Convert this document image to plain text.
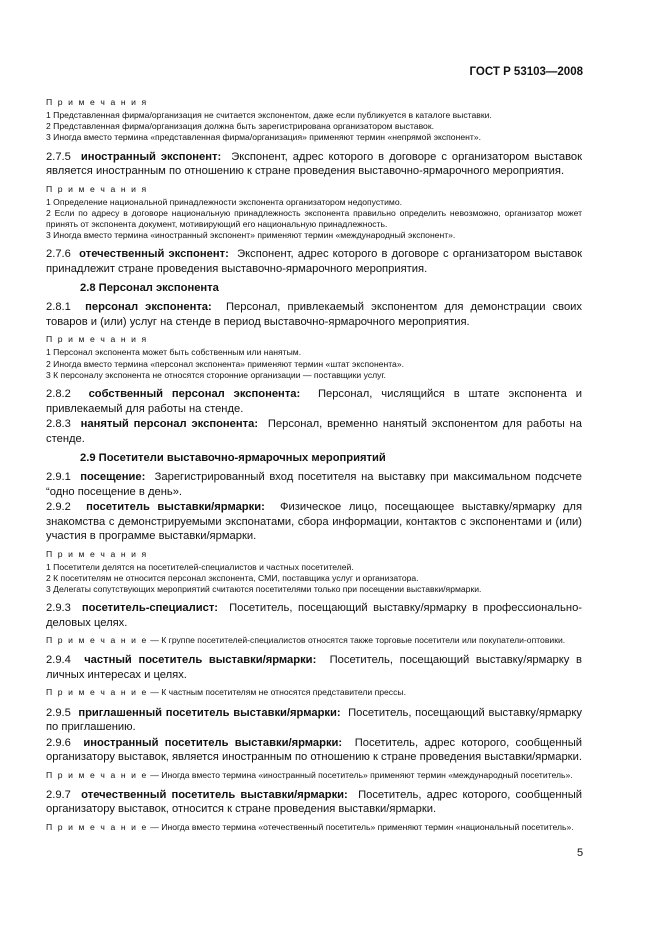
ГОСТ Р 53103—2008
П р и м е ч а н и я
1 Представленная фирма/организация не считается экспонентом, даже если публикуется в каталоге выставки.
2 Представленная фирма/организация должна быть зарегистрирована организатором выставок.
3 Иногда вместо термина «представленная фирма/организация» применяют термин «непрямой экспонент».
2.7.5 иностранный экспонент: Экспонент, адрес которого в договоре с организатором выставок является иностранным по отношению к стране проведения выставочно-ярмарочного мероприятия.
П р и м е ч а н и я
1 Определение национальной принадлежности экспонента организатором недопустимо.
2 Если по адресу в договоре национальную принадлежность экспонента правильно определить невозможно, организатор может принять от экспонента документ, мотивирующий его национальную принадлежность.
3 Иногда вместо термина «иностранный экспонент» применяют термин «международный экспонент».
2.7.6 отечественный экспонент: Экспонент, адрес которого в договоре с организатором выставок принадлежит стране проведения выставочно-ярмарочного мероприятия.
2.8 Персонал экспонента
2.8.1 персонал экспонента: Персонал, привлекаемый экспонентом для демонстрации своих товаров и (или) услуг на стенде в период выставочно-ярмарочного мероприятия.
П р и м е ч а н и я
1 Персонал экспонента может быть собственным или нанятым.
2 Иногда вместо термина «персонал экспонента» применяют термин «штат экспонента».
3 К персоналу экспонента не относятся сторонние организации — поставщики услуг.
2.8.2 собственный персонал экспонента: Персонал, числящийся в штате экспонента и привлекаемый для работы на стенде.
2.8.3 нанятый персонал экспонента: Персонал, временно нанятый экспонентом для работы на стенде.
2.9 Посетители выставочно-ярмарочных мероприятий
2.9.1 посещение: Зарегистрированный вход посетителя на выставку при максимальном подсчете “одно посещение в день».
2.9.2 посетитель выставки/ярмарки: Физическое лицо, посещающее выставку/ярмарку для знакомства с демонстрируемыми экспонатами, сбора информации, контактов с экспонентами и (или) участия в программе выставки/ярмарки.
П р и м е ч а н и я
1 Посетители делятся на посетителей-специалистов и частных посетителей.
2 К посетителям не относится персонал экспонента, СМИ, поставщика услуг и организатора.
3 Делегаты сопутствующих мероприятий считаются посетителями только при посещении выставки/ярмарки.
2.9.3 посетитель-специалист: Посетитель, посещающий выставку/ярмарку в профессионально-деловых целях.
П р и м е ч а н и е — К группе посетителей-специалистов относятся также торговые посетители или покупатели-оптовики.
2.9.4 частный посетитель выставки/ярмарки: Посетитель, посещающий выставку/ярмарку в личных интересах и целях.
П р и м е ч а н и е — К частным посетителям не относятся представители прессы.
2.9.5 приглашенный посетитель выставки/ярмарки: Посетитель, посещающий выставку/ярмарку по приглашению.
2.9.6 иностранный посетитель выставки/ярмарки: Посетитель, адрес которого, сообщенный организатору выставок, является иностранным по отношению к стране проведения выставки/ярмарки.
П р и м е ч а н и е — Иногда вместо термина «иностранный посетитель» применяют термин «международный посетитель».
2.9.7 отечественный посетитель выставки/ярмарки: Посетитель, адрес которого, сообщенный организатору выставок, относится к стране проведения выставки/ярмарки.
П р и м е ч а н и е — Иногда вместо термина «отечественный посетитель» применяют термин «национальный посетитель».
5
